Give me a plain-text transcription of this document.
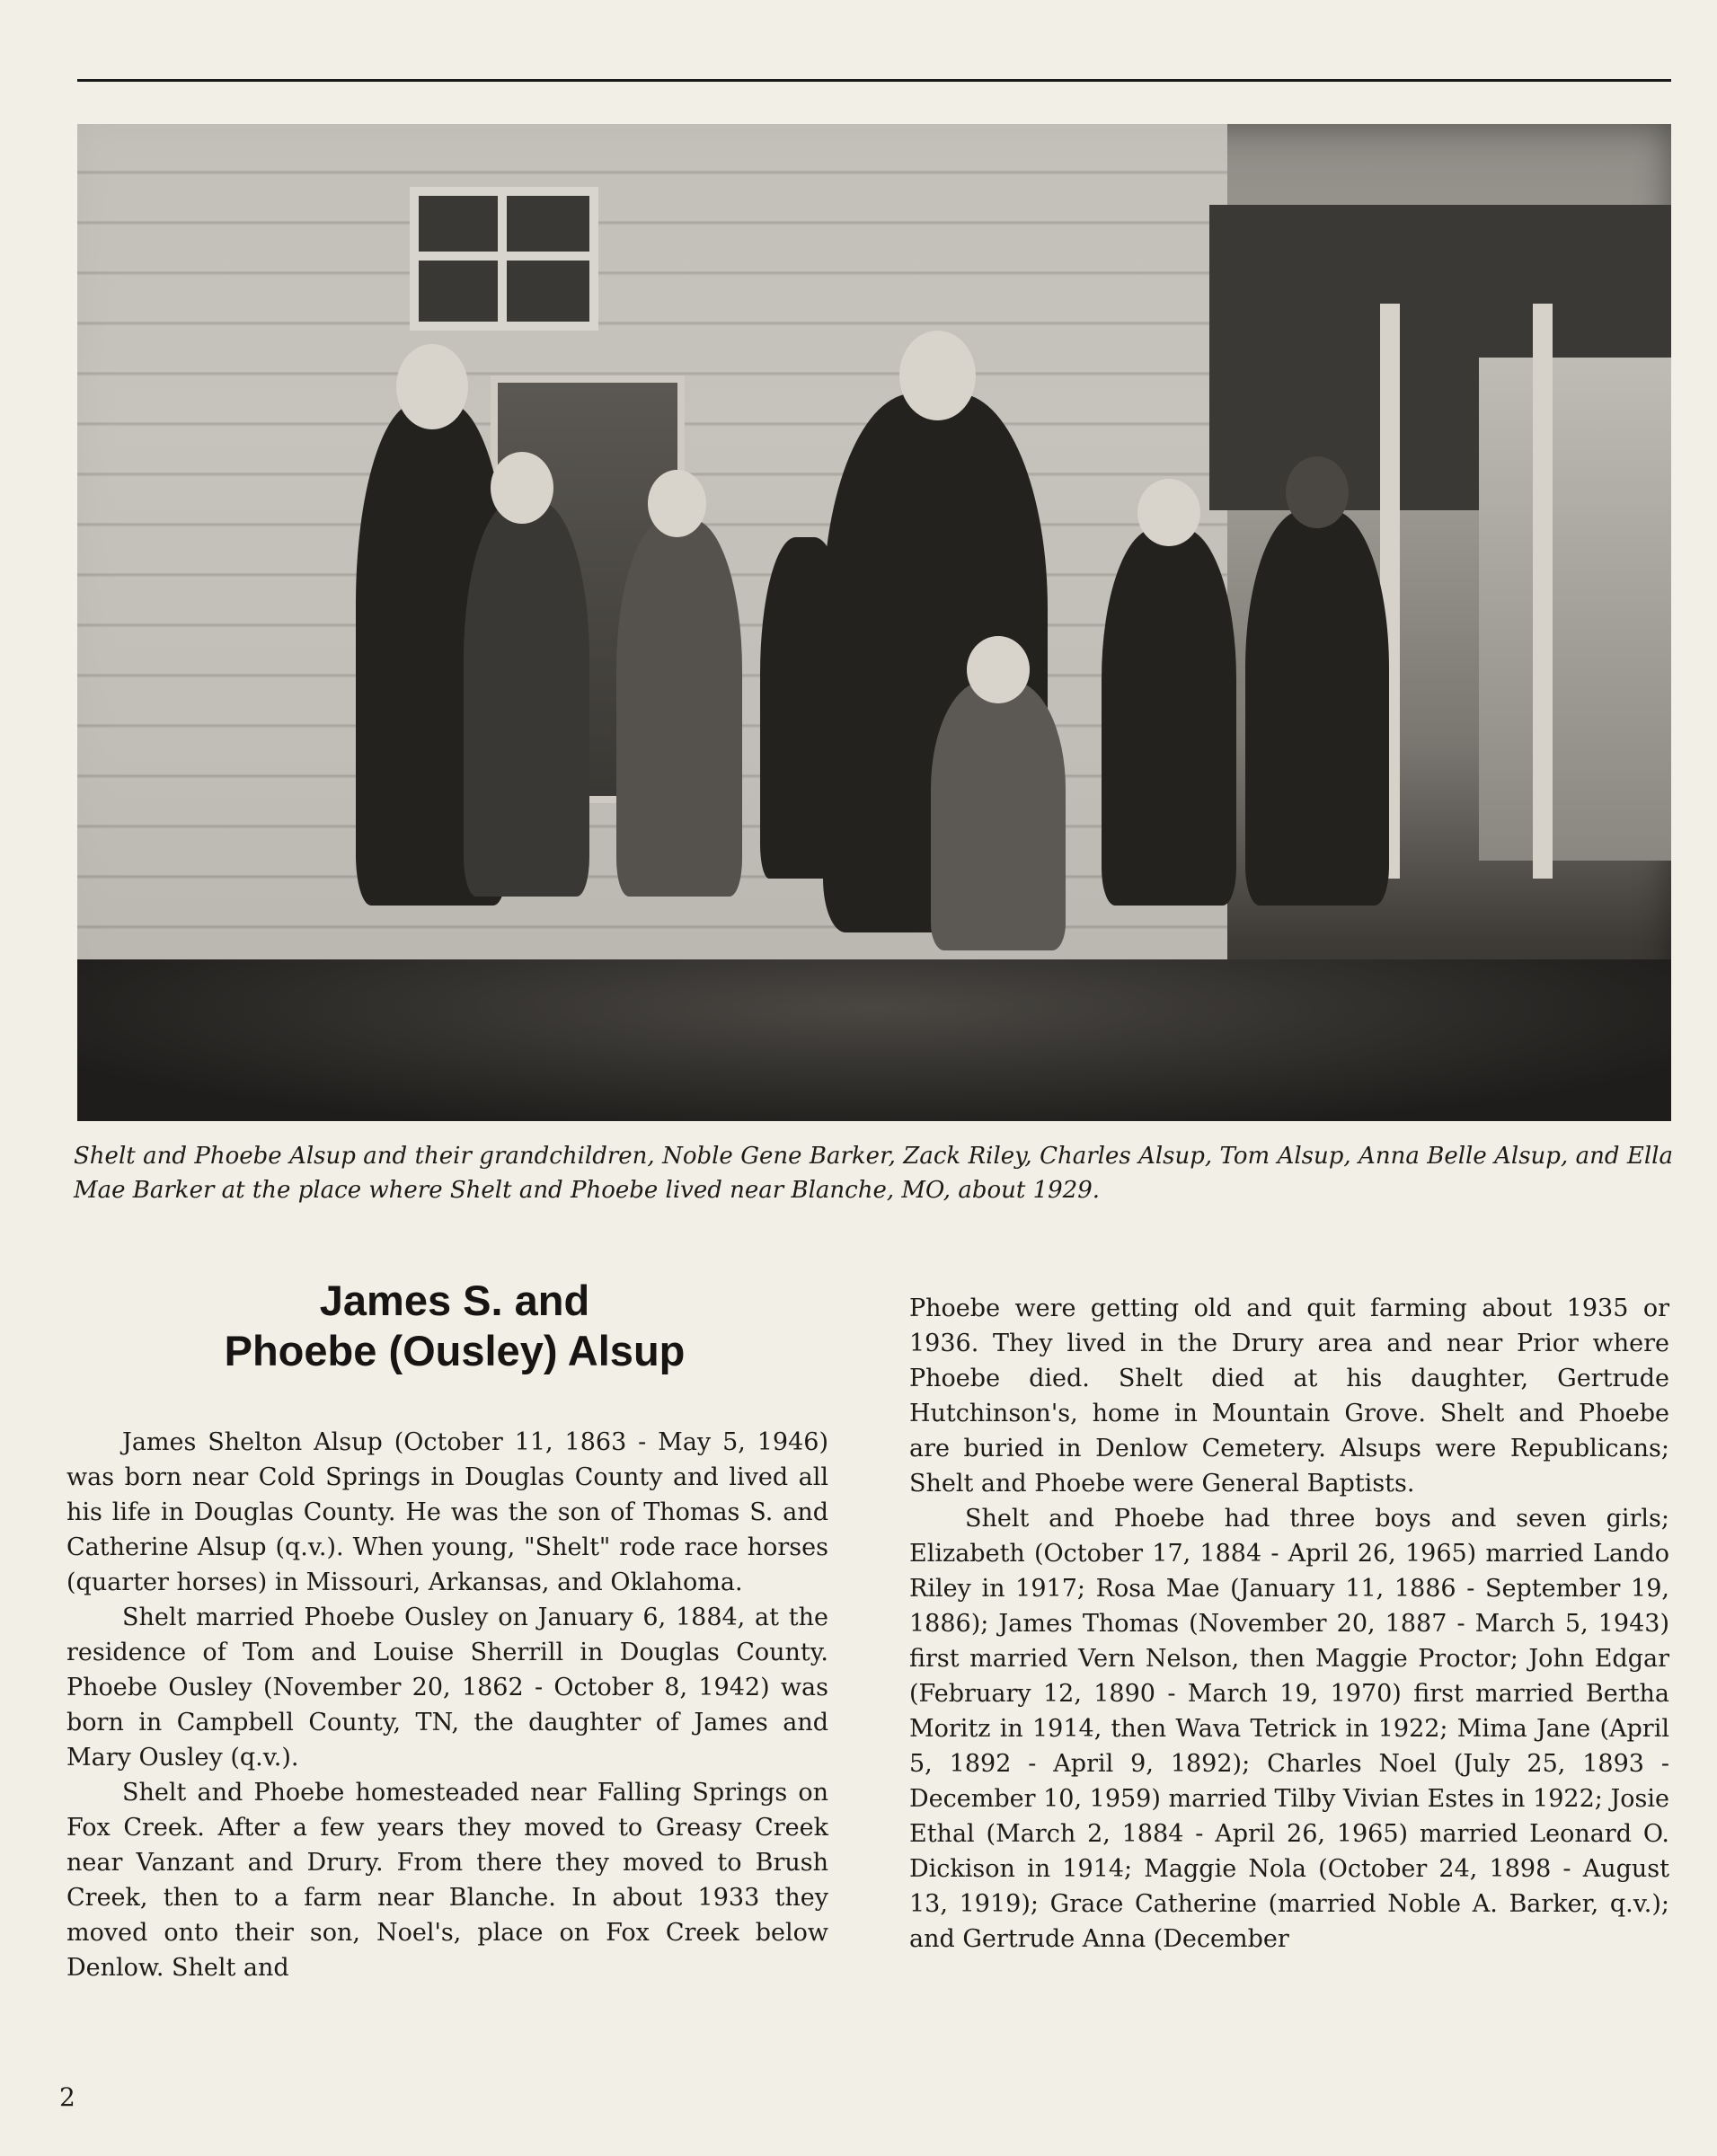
Shelt and Phoebe Alsup and their grandchildren, Noble Gene Barker, Zack Riley, Charles Alsup, Tom Alsup, Anna Belle Alsup, and Ella Mae Barker at the place where Shelt and Phoebe lived near Blanche, MO, about 1929.
James S. and
Phoebe (Ousley) Alsup

James Shelton Alsup (October 11, 1863 - May 5, 1946) was born near Cold Springs in Douglas County and lived all his life in Douglas County. He was the son of Thomas S. and Catherine Alsup (q.v.). When young, "Shelt" rode race horses (quarter horses) in Missouri, Arkansas, and Oklahoma.

Shelt married Phoebe Ousley on January 6, 1884, at the residence of Tom and Louise Sherrill in Douglas County. Phoebe Ousley (November 20, 1862 - October 8, 1942) was born in Campbell County, TN, the daughter of James and Mary Ousley (q.v.).

Shelt and Phoebe homesteaded near Falling Springs on Fox Creek. After a few years they moved to Greasy Creek near Vanzant and Drury. From there they moved to Brush Creek, then to a farm near Blanche. In about 1933 they moved onto their son, Noel's, place on Fox Creek below Denlow. Shelt and

Phoebe were getting old and quit farming about 1935 or 1936. They lived in the Drury area and near Prior where Phoebe died. Shelt died at his daughter, Gertrude Hutchinson's, home in Mountain Grove. Shelt and Phoebe are buried in Denlow Cemetery. Alsups were Republicans; Shelt and Phoebe were General Baptists.

Shelt and Phoebe had three boys and seven girls; Elizabeth (October 17, 1884 - April 26, 1965) married Lando Riley in 1917; Rosa Mae (January 11, 1886 - September 19, 1886); James Thomas (November 20, 1887 - March 5, 1943) first married Vern Nelson, then Maggie Proctor; John Edgar (February 12, 1890 - March 19, 1970) first married Bertha Moritz in 1914, then Wava Tetrick in 1922; Mima Jane (April 5, 1892 - April 9, 1892); Charles Noel (July 25, 1893 - December 10, 1959) married Tilby Vivian Estes in 1922; Josie Ethal (March 2, 1884 - April 26, 1965) married Leonard O. Dickison in 1914; Maggie Nola (October 24, 1898 - August 13, 1919); Grace Catherine (married Noble A. Barker, q.v.); and Gertrude Anna (December

2
